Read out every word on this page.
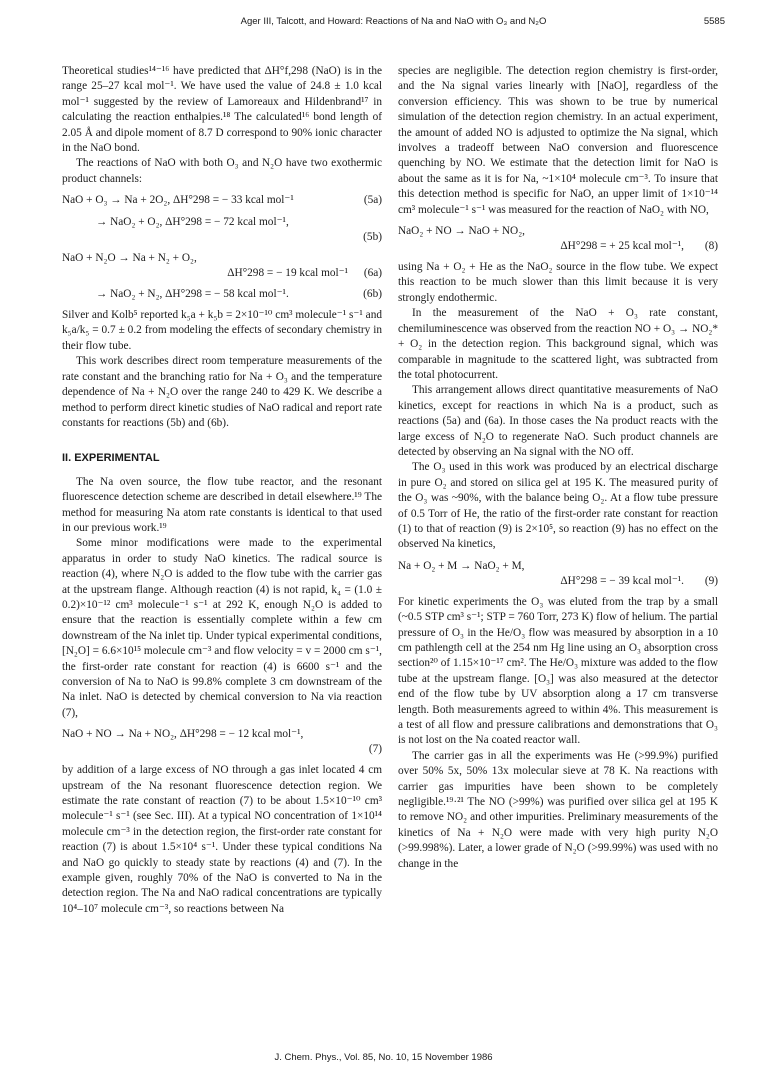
Ager III, Talcott, and Howard: Reactions of Na and NaO with O₃ and N₂O	5585

Theoretical studies¹⁴⁻¹⁶ have predicted that ΔH°f,298 (NaO) is in the range 25–27 kcal mol⁻¹. We have used the value of 24.8 ± 1.0 kcal mol⁻¹ suggested by the review of Lamoreaux and Hildenbrand¹⁷ in calculating the reaction enthalpies.¹⁸ The calculated¹⁶ bond length of 2.05 Å and dipole moment of 8.7 D correspond to 90% ionic character in the NaO bond.

The reactions of NaO with both O₃ and N₂O have two exothermic product channels:

NaO + O₃ → Na + 2O₂, ΔH°298 = − 33 kcal mol⁻¹	(5a)
→ NaO₂ + O₂, ΔH°298 = − 72 kcal mol⁻¹,
(5b)
NaO + N₂O → Na + N₂ + O₂,
ΔH°298 = − 19 kcal mol⁻¹ (6a)
→ NaO₂ + N₂, ΔH°298 = − 58 kcal mol⁻¹.	(6b)

Silver and Kolb⁵ reported k₅a + k₅b = 2×10⁻¹⁰ cm³ molecule⁻¹ s⁻¹ and k₅a/k₅ = 0.7 ± 0.2 from modeling the effects of secondary chemistry in their flow tube.

This work describes direct room temperature measurements of the rate constant and the branching ratio for Na + O₃ and the temperature dependence of Na + N₂O over the range 240 to 429 K. We describe a method to perform direct kinetic studies of NaO radical and report rate constants for reactions (5b) and (6b).

II. EXPERIMENTAL

The Na oven source, the flow tube reactor, and the resonant fluorescence detection scheme are described in detail elsewhere.¹⁹ The method for measuring Na atom rate constants is identical to that used in our previous work.¹⁹

Some minor modifications were made to the experimental apparatus in order to study NaO kinetics. The radical source is reaction (4), where N₂O is added to the flow tube with the carrier gas at the upstream flange. Although reaction (4) is not rapid, k₄ = (1.0 ± 0.2)×10⁻¹² cm³ molecule⁻¹ s⁻¹ at 292 K, enough N₂O is added to ensure that the reaction is essentially complete within a few cm downstream of the Na inlet tip. Under typical experimental conditions, [N₂O] = 6.6×10¹⁵ molecule cm⁻³ and flow velocity = v = 2000 cm s⁻¹, the first-order rate constant for reaction (4) is 6600 s⁻¹ and the conversion of Na to NaO is 99.8% complete 3 cm downstream of the Na inlet. NaO is detected by chemical conversion to Na via reaction (7),

NaO + NO → Na + NO₂, ΔH°298 = − 12 kcal mol⁻¹,
(7)

by addition of a large excess of NO through a gas inlet located 4 cm upstream of the Na resonant fluorescence detection region. We estimate the rate constant of reaction (7) to be about 1.5×10⁻¹⁰ cm³ molecule⁻¹ s⁻¹ (see Sec. III). At a typical NO concentration of 1×10¹⁴ molecule cm⁻³ in the detection region, the first-order rate constant for reaction (7) is about 1.5×10⁴ s⁻¹. Under these typical conditions Na and NaO go quickly to steady state by reactions (4) and (7). In the example given, roughly 70% of the NaO is converted to Na in the detection region. The Na and NaO radical concentrations are typically 10⁴–10⁷ molecule cm⁻³, so reactions between Na

species are negligible. The detection region chemistry is first-order, and the Na signal varies linearly with [NaO], regardless of the conversion efficiency. This was shown to be true by numerical simulation of the detection region chemistry. In an actual experiment, the amount of added NO is adjusted to optimize the Na signal, which involves a tradeoff between NaO conversion and fluorescence quenching by NO. We estimate that the detection limit for NaO is about the same as it is for Na, ~1×10⁴ molecule cm⁻³. To insure that this detection method is specific for NaO, an upper limit of 1×10⁻¹⁴ cm³ molecule⁻¹ s⁻¹ was measured for the reaction of NaO₂ with NO,

NaO₂ + NO → NaO + NO₂,
ΔH°298 = + 25 kcal mol⁻¹, (8)

using Na + O₂ + He as the NaO₂ source in the flow tube. We expect this reaction to be much slower than this limit because it is very strongly endothermic.

In the measurement of the NaO + O₃ rate constant, chemiluminescence was observed from the reaction NO + O₃ → NO₂* + O₂ in the detection region. This background signal, which was comparable in magnitude to the scattered light, was subtracted from the total photocurrent.

This arrangement allows direct quantitative measurements of NaO kinetics, except for reactions in which Na is a product, such as reactions (5a) and (6a). In those cases the Na product reacts with the large excess of N₂O to regenerate NaO. Such product channels are detected by observing an Na signal with the NO off.

The O₃ used in this work was produced by an electrical discharge in pure O₂ and stored on silica gel at 195 K. The measured purity of the O₃ was ~90%, with the balance being O₂. At a flow tube pressure of 0.5 Torr of He, the ratio of the first-order rate constant for reaction (1) to that of reaction (9) is 2×10⁵, so reaction (9) has no effect on the observed Na kinetics,

Na + O₂ + M → NaO₂ + M,
ΔH°298 = − 39 kcal mol⁻¹. (9)

For kinetic experiments the O₃ was eluted from the trap by a small (~0.5 STP cm³ s⁻¹; STP = 760 Torr, 273 K) flow of helium. The partial pressure of O₃ in the He/O₃ flow was measured by absorption in a 10 cm pathlength cell at the 254 nm Hg line using an O₃ absorption cross section²⁰ of 1.15×10⁻¹⁷ cm². The He/O₃ mixture was added to the flow tube at the upstream flange. [O₃] was also measured at the detector end of the flow tube by UV absorption along a 17 cm transverse length. Both measurements agreed to within 4%. This measurement is a test of all flow and pressure calibrations and demonstrations that O₃ is not lost on the Na coated reactor wall.

The carrier gas in all the experiments was He (>99.9%) purified over 50% 5x, 50% 13x molecular sieve at 78 K. Na reactions with carrier gas impurities have been shown to be completely negligible.¹⁹·²¹ The NO (>99%) was purified over silica gel at 195 K to remove NO₂ and other impurities. Preliminary measurements of the kinetics of Na + N₂O were made with very high purity N₂O (>99.998%). Later, a lower grade of N₂O (>99.99%) was used with no change in the

J. Chem. Phys., Vol. 85, No. 10, 15 November 1986
